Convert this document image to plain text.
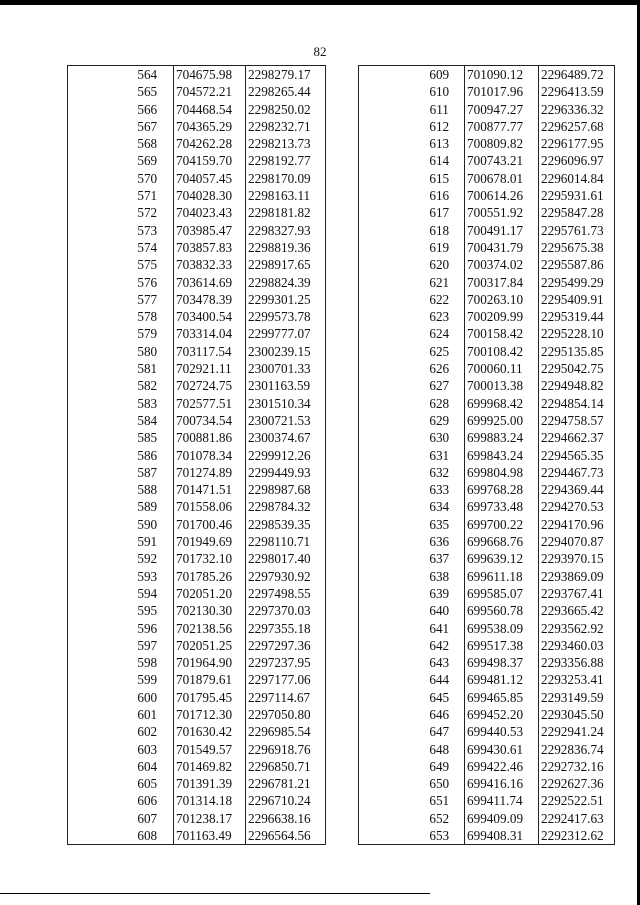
82
	564	704675.98	2298279.17
	565	704572.21	2298265.44
	566	704468.54	2298250.02
	567	704365.29	2298232.71
	568	704262.28	2298213.73
	569	704159.70	2298192.77
	570	704057.45	2298170.09
	571	704028.30	2298163.11
	572	704023.43	2298181.82
	573	703985.47	2298327.93
	574	703857.83	2298819.36
	575	703832.33	2298917.65
	576	703614.69	2298824.39
	577	703478.39	2299301.25
	578	703400.54	2299573.78
	579	703314.04	2299777.07
	580	703117.54	2300239.15
	581	702921.11	2300701.33
	582	702724.75	2301163.59
	583	702577.51	2301510.34
	584	700734.54	2300721.53
	585	700881.86	2300374.67
	586	701078.34	2299912.26
	587	701274.89	2299449.93
	588	701471.51	2298987.68
	589	701558.06	2298784.32
	590	701700.46	2298539.35
	591	701949.69	2298110.71
	592	701732.10	2298017.40
	593	701785.26	2297930.92
	594	702051.20	2297498.55
	595	702130.30	2297370.03
	596	702138.56	2297355.18
	597	702051.25	2297297.36
	598	701964.90	2297237.95
	599	701879.61	2297177.06
	600	701795.45	2297114.67
	601	701712.30	2297050.80
	602	701630.42	2296985.54
	603	701549.57	2296918.76
	604	701469.82	2296850.71
	605	701391.39	2296781.21
	606	701314.18	2296710.24
	607	701238.17	2296638.16
	608	701163.49	2296564.56
	609	701090.12	2296489.72
	610	701017.96	2296413.59
	611	700947.27	2296336.32
	612	700877.77	2296257.68
	613	700809.82	2296177.95
	614	700743.21	2296096.97
	615	700678.01	2296014.84
	616	700614.26	2295931.61
	617	700551.92	2295847.28
	618	700491.17	2295761.73
	619	700431.79	2295675.38
	620	700374.02	2295587.86
	621	700317.84	2295499.29
	622	700263.10	2295409.91
	623	700209.99	2295319.44
	624	700158.42	2295228.10
	625	700108.42	2295135.85
	626	700060.11	2295042.75
	627	700013.38	2294948.82
	628	699968.42	2294854.14
	629	699925.00	2294758.57
	630	699883.24	2294662.37
	631	699843.24	2294565.35
	632	699804.98	2294467.73
	633	699768.28	2294369.44
	634	699733.48	2294270.53
	635	699700.22	2294170.96
	636	699668.76	2294070.87
	637	699639.12	2293970.15
	638	699611.18	2293869.09
	639	699585.07	2293767.41
	640	699560.78	2293665.42
	641	699538.09	2293562.92
	642	699517.38	2293460.03
	643	699498.37	2293356.88
	644	699481.12	2293253.41
	645	699465.85	2293149.59
	646	699452.20	2293045.50
	647	699440.53	2292941.24
	648	699430.61	2292836.74
	649	699422.46	2292732.16
	650	699416.16	2292627.36
	651	699411.74	2292522.51
	652	699409.09	2292417.63
	653	699408.31	2292312.62
